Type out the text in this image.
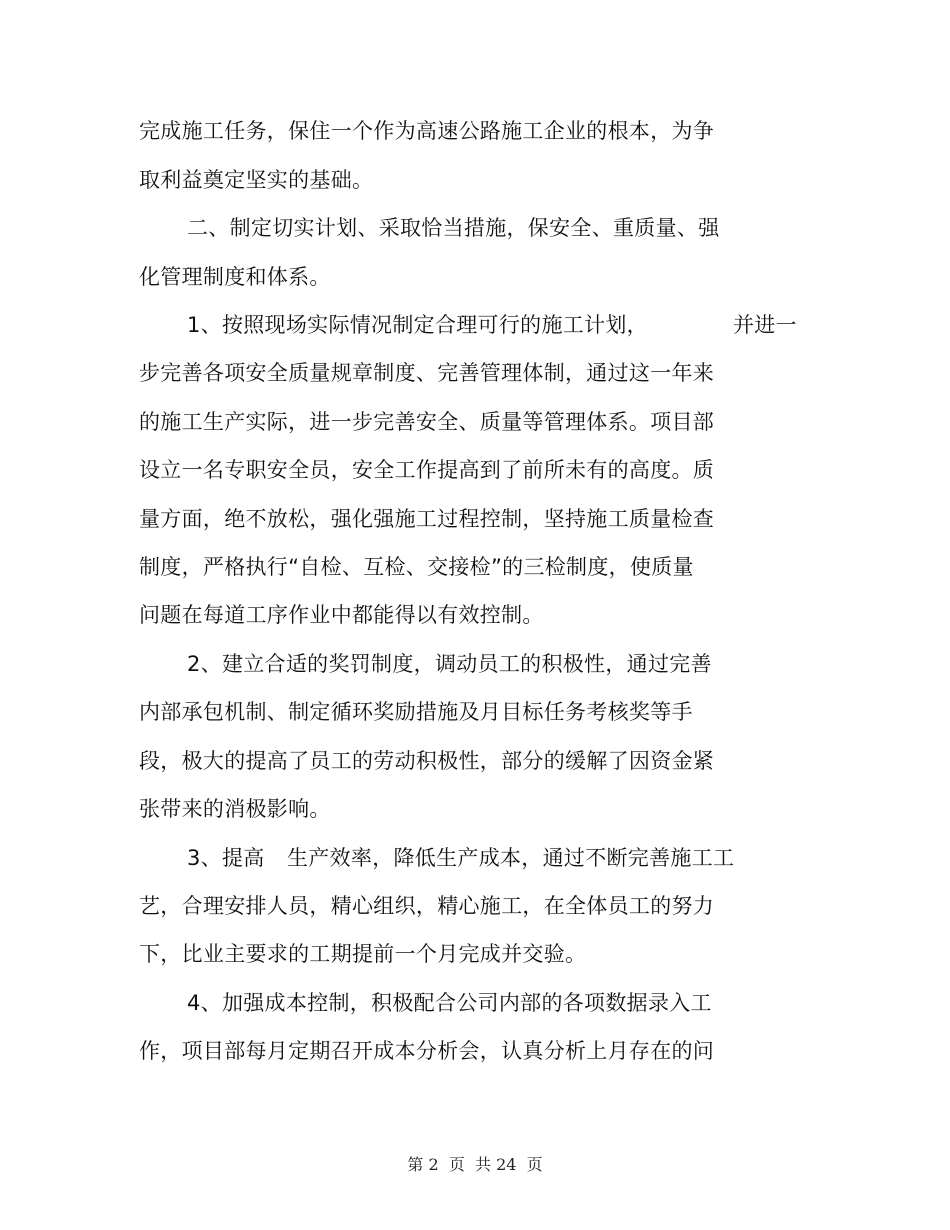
完成施工任务，保住一个作为高速公路施工企业的根本，为争
取利益奠定坚实的基础。
二、制定切实计划、采取恰当措施，保安全、重质量、强
化管理制度和体系。
1、按照现场实际情况制定合理可行的施工计划，	并进一
步完善各项安全质量规章制度、完善管理体制，通过这一年来
的施工生产实际，进一步完善安全、质量等管理体系。项目部
设立一名专职安全员，安全工作提高到了前所未有的高度。质
量方面，绝不放松，强化强施工过程控制，坚持施工质量检查
制度，严格执行“自检、互检、交接检”的三检制度，使质量
问题在每道工序作业中都能得以有效控制。
2、建立合适的奖罚制度，调动员工的积极性，通过完善
内部承包机制、制定循环奖励措施及月目标任务考核奖等手
段，极大的提高了员工的劳动积极性，部分的缓解了因资金紧
张带来的消极影响。
3、提高 生产效率，降低生产成本，通过不断完善施工工
艺，合理安排人员，精心组织，精心施工，在全体员工的努力
下，比业主要求的工期提前一个月完成并交验。
4、加强成本控制，积极配合公司内部的各项数据录入工
作，项目部每月定期召开成本分析会，认真分析上月存在的问
第 2  页  共 24  页
